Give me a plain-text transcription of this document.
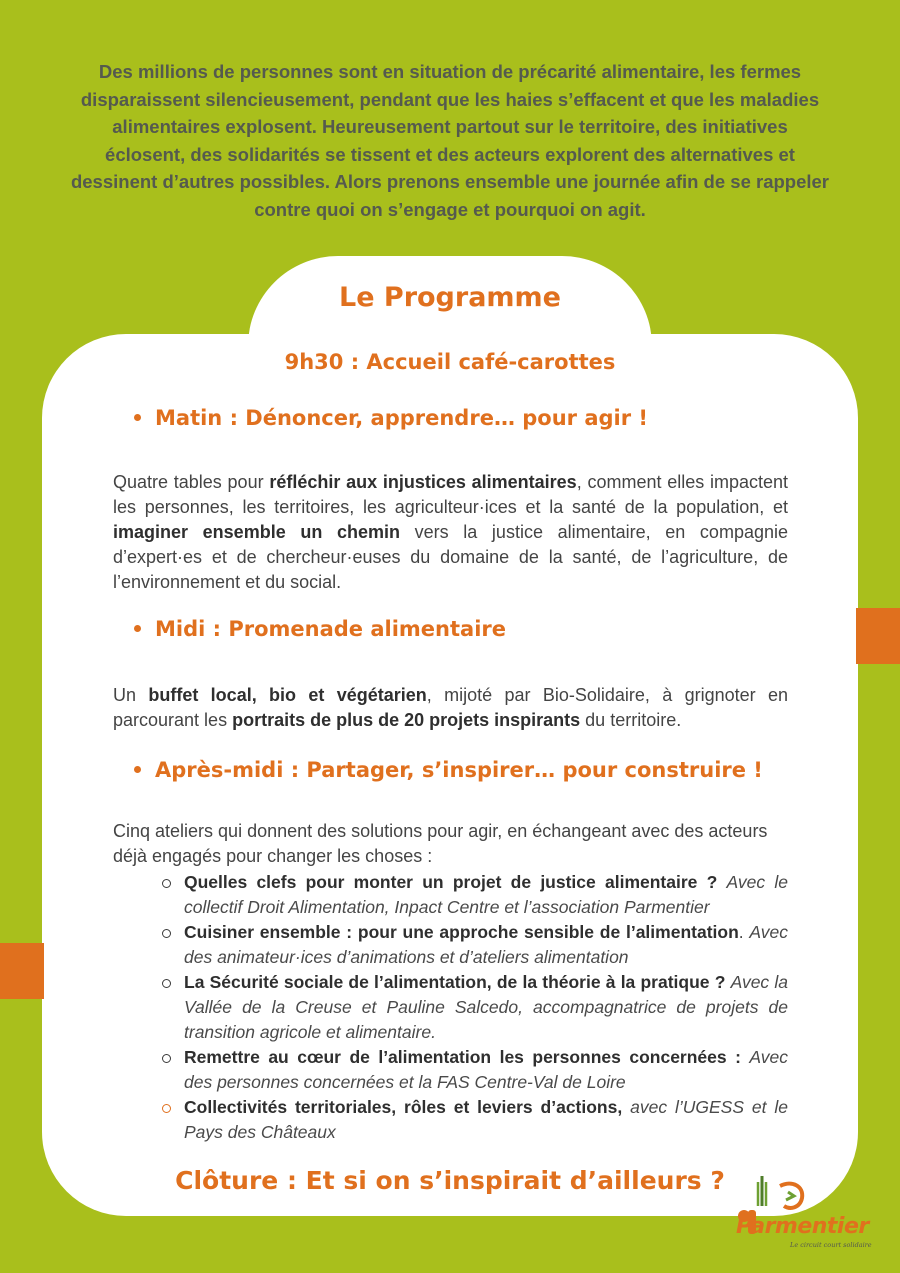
Des millions de personnes sont en situation de précarité alimentaire, les fermes disparaissent silencieusement, pendant que les haies s’effacent et que les maladies alimentaires explosent. Heureusement partout sur le territoire, des initiatives éclosent, des solidarités se tissent et des acteurs explorent des alternatives et dessinent d’autres possibles. Alors prenons ensemble une journée afin de se rappeler contre quoi on s’engage et pourquoi on agit.
Le Programme
9h30 : Accueil café-carottes
Matin : Dénoncer, apprendre… pour agir !
Quatre tables pour réfléchir aux injustices alimentaires, comment elles impactent les personnes, les territoires, les agriculteur·ices et la santé de la population, et imaginer ensemble un chemin vers la justice alimentaire, en compagnie d’expert·es et de chercheur·euses du domaine de la santé, de l’agriculture, de l’environnement et du social.
Midi : Promenade alimentaire
Un buffet local, bio et végétarien, mijoté par Bio-Solidaire, à grignoter en parcourant les portraits de plus de 20 projets inspirants du territoire.
Après-midi : Partager, s’inspirer… pour construire !
Cinq ateliers qui donnent des solutions pour agir, en échangeant avec des acteurs déjà engagés pour changer les choses :
Quelles clefs pour monter un projet de justice alimentaire ? Avec le collectif Droit Alimentation, Inpact Centre et l’association Parmentier
Cuisiner ensemble : pour une approche sensible de l’alimentation. Avec des animateur·ices d’animations et d’ateliers alimentation
La Sécurité sociale de l’alimentation, de la théorie à la pratique ? Avec la Vallée de la Creuse et Pauline Salcedo, accompagnatrice de projets de transition agricole et alimentaire.
Remettre au cœur de l’alimentation les personnes concernées : Avec des personnes concernées et la FAS Centre-Val de Loire
Collectivités territoriales, rôles et leviers d’actions, avec l’UGESS et le Pays des Châteaux
Clôture : Et si on s’inspirait d’ailleurs ?
Parmentier
Le circuit court solidaire
